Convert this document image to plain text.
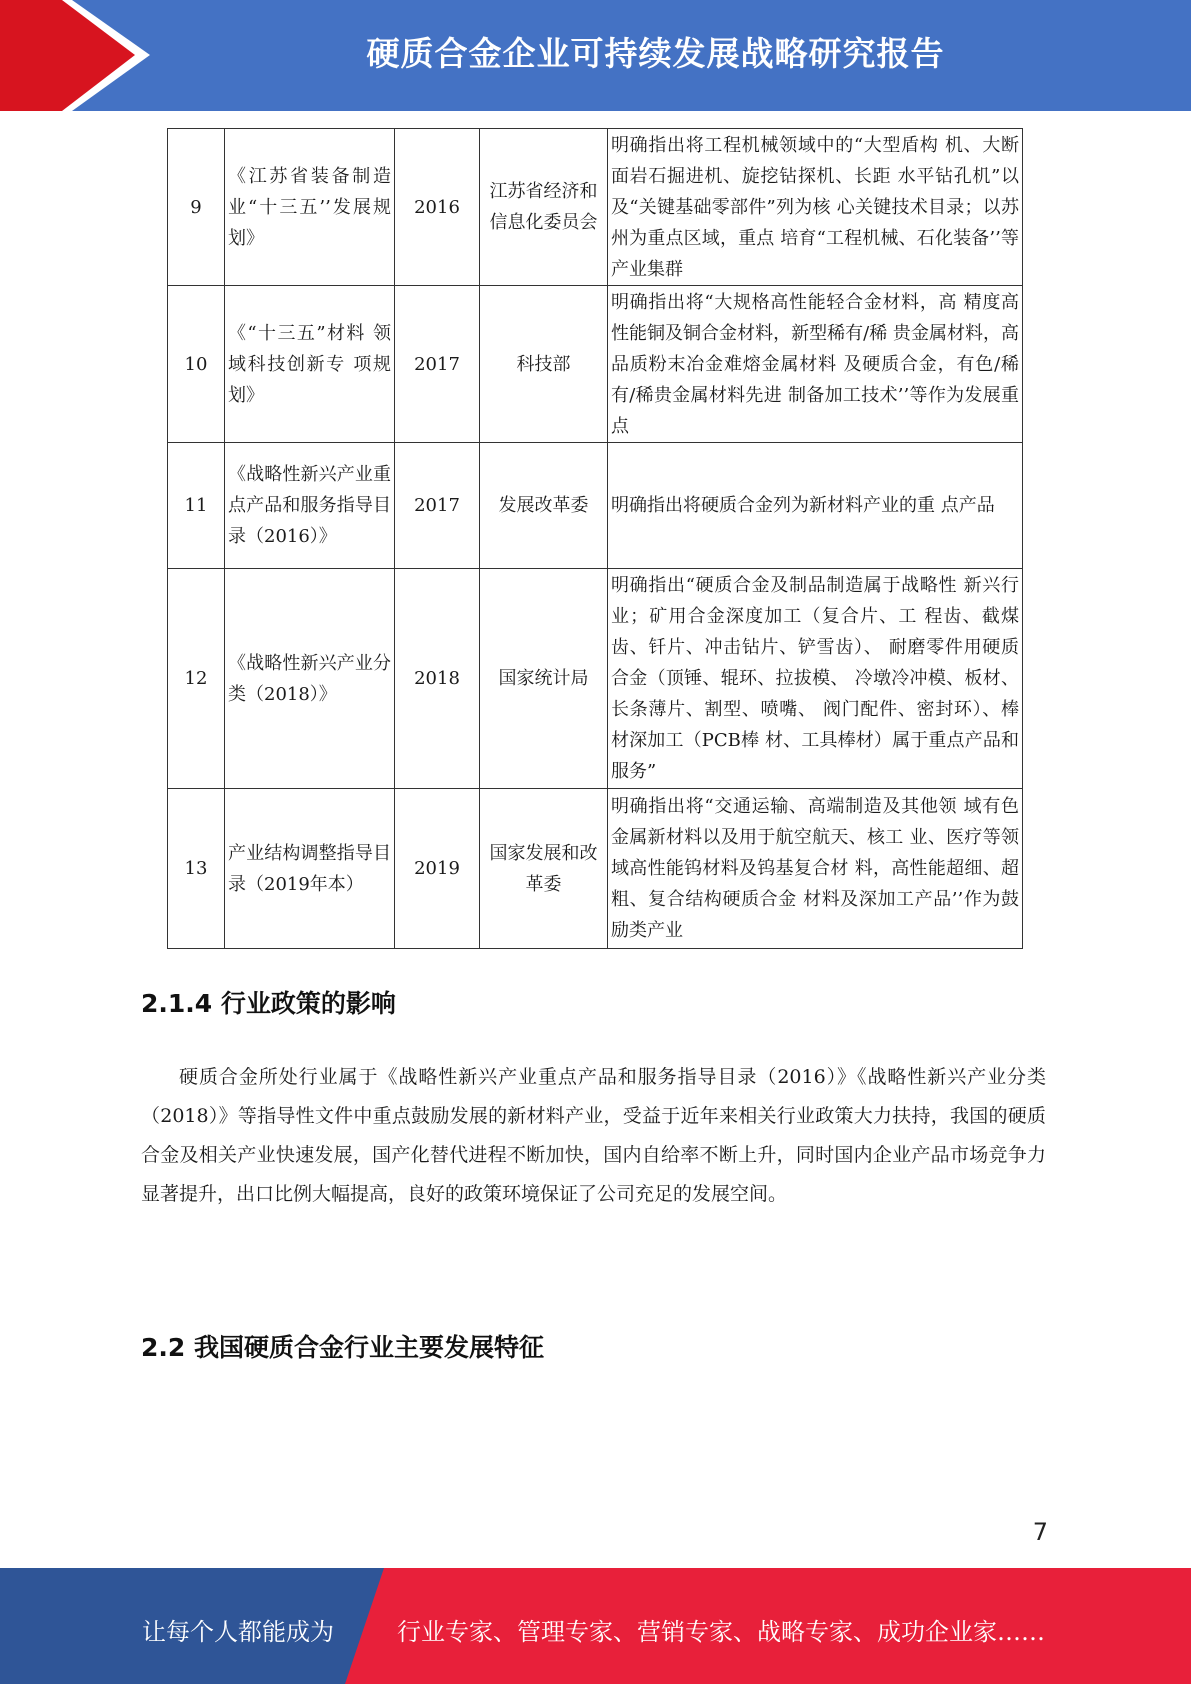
硬质合金企业可持续发展战略研究报告
9	《江苏省装备制造业“十三五’’发展规划》	2016	江苏省经济和信息化委员会	明确指出将工程机械领域中的“大型盾构 机、大断面岩石掘进机、旋挖钻探机、长距 水平钻孔机”以及“关键基础零部件”列为核 心关键技术目录；以苏州为重点区域，重点 培育“工程机械、石化装备’’等产业集群
10	《“十三五”材料 领域科技创新专 项规划》	2017	科技部	明确指出将“大规格高性能轻合金材料，高 精度高性能铜及铜合金材料，新型稀有/稀 贵金属材料，高品质粉末冶金难熔金属材料 及硬质合金，有色/稀有/稀贵金属材料先进 制备加工技术’’等作为发展重点
11	《战略性新兴产业重点产品和服务指导目录（2016）》	2017	发展改革委	明确指出将硬质合金列为新材料产业的重 点产品
12	《战略性新兴产业分类（2018）》	2018	国家统计局	明确指出“硬质合金及制品制造属于战略性 新兴行业；矿用合金深度加工（复合片、工 程齿、截煤齿、钎片、冲击钻片、铲雪齿）、 耐磨零件用硬质合金（顶锤、辊环、拉拔模、 冷墩冷冲模、板材、长条薄片、割型、喷嘴、 阀门配件、密封环）、棒材深加工（PCB棒 材、工具棒材）属于重点产品和服务”
13	产业结构调整指导目录（2019年本）	2019	国家发展和改革委	明确指出将“交通运输、高端制造及其他领 域有色金属新材料以及用于航空航天、核工 业、医疗等领域高性能钨材料及钨基复合材 料，高性能超细、超粗、复合结构硬质合金 材料及深加工产品’’作为鼓励类产业
2.1.4 行业政策的影响

硬质合金所处行业属于《战略性新兴产业重点产品和服务指导目录（2016）》《战略性新兴产业分类（2018）》等指导性文件中重点鼓励发展的新材料产业，受益于近年来相关行业政策大力扶持，我国的硬质合金及相关产业快速发展，国产化替代进程不断加快，国内自给率不断上升，同时国内企业产品市场竞争力显著提升，出口比例大幅提高，良好的政策环境保证了公司充足的发展空间。

2.2 我国硬质合金行业主要发展特征
7
让每个人都能成为	行业专家、管理专家、营销专家、战略专家、成功企业家……
